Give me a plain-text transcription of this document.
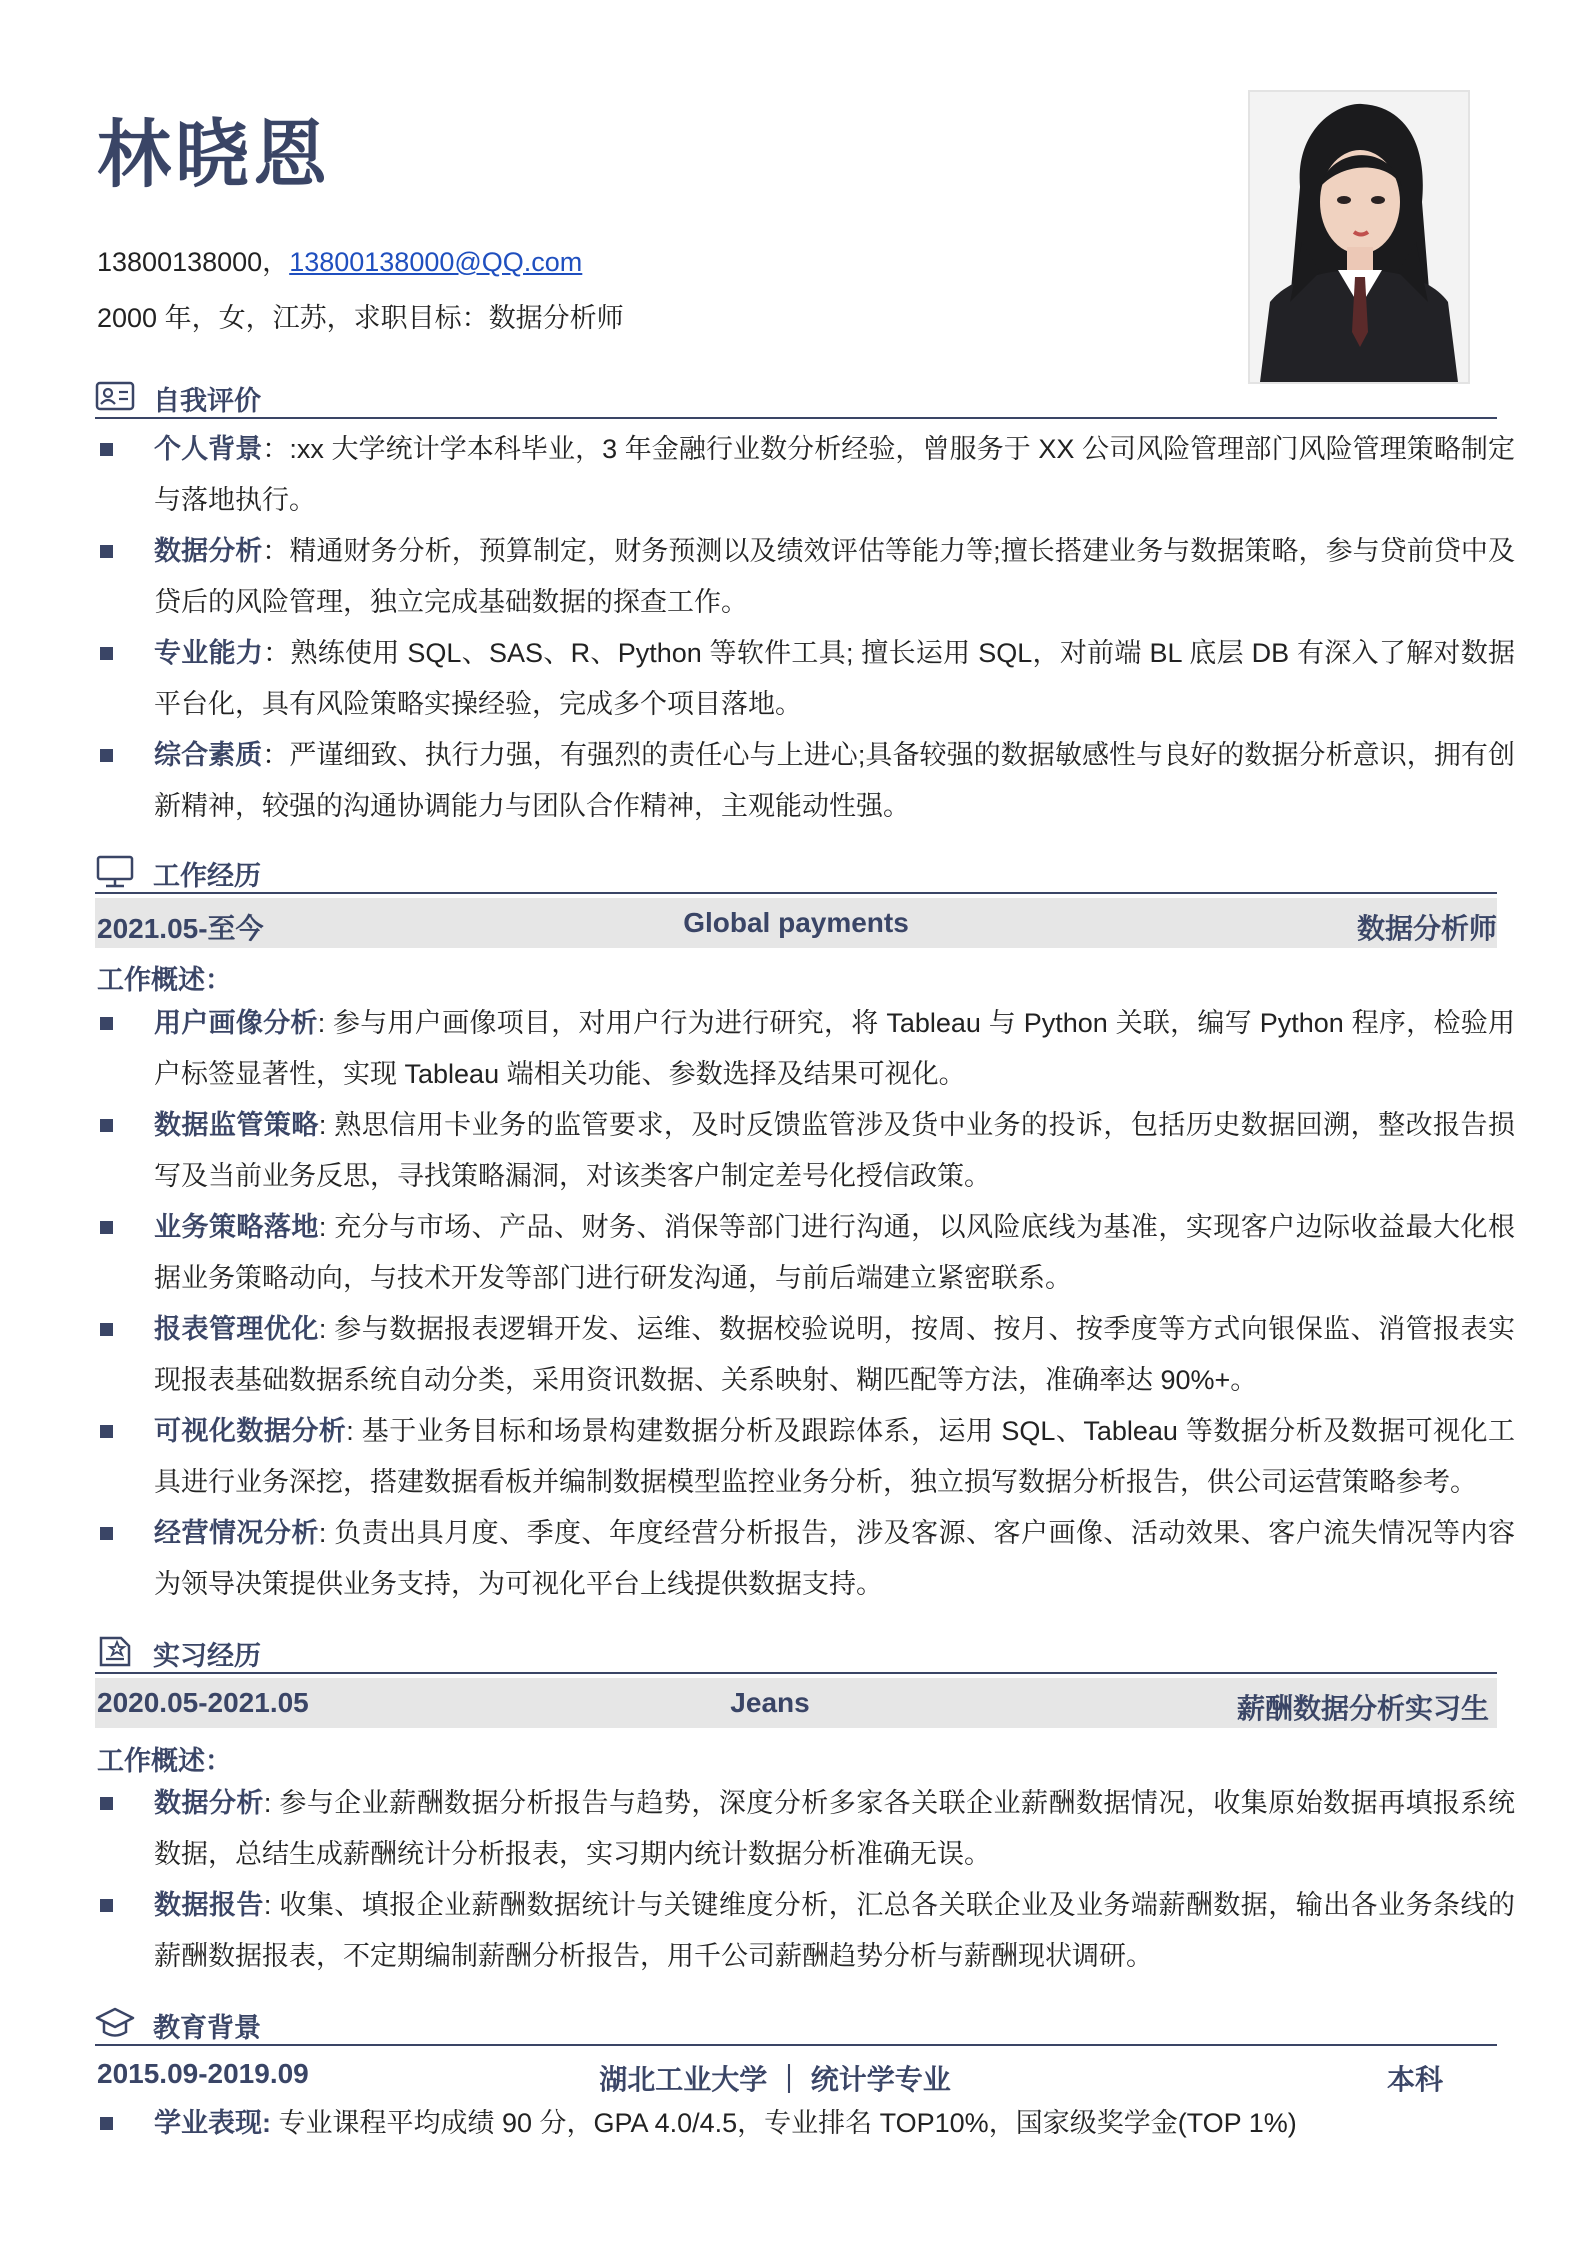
林晓恩
13800138000，13800138000@QQ.com
2000 年，女，江苏，求职目标：数据分析师
自我评价
个人背景：:xx 大学统计学本科毕业，3 年金融行业数分析经验，曾服务于 XX 公司风险管理部门风险管理策略制定与落地执行。
数据分析：精通财务分析，预算制定，财务预测以及绩效评估等能力等;擅长搭建业务与数据策略，参与贷前贷中及贷后的风险管理，独立完成基础数据的探查工作。
专业能力：熟练使用 SQL、SAS、R、Python 等软件工具; 擅长运用 SQL，对前端 BL 底层 DB 有深入了解对数据平台化，具有风险策略实操经验，完成多个项目落地。
综合素质：严谨细致、执行力强，有强烈的责任心与上进心;具备较强的数据敏感性与良好的数据分析意识，拥有创新精神，较强的沟通协调能力与团队合作精神，主观能动性强。
工作经历
2021.05-至今	Global payments	数据分析师
工作概述：
用户画像分析: 参与用户画像项目，对用户行为进行研究，将 Tableau 与 Python 关联，编写 Python 程序，检验用户标签显著性，实现 Tableau 端相关功能、参数选择及结果可视化。
数据监管策略: 熟思信用卡业务的监管要求，及时反馈监管涉及货中业务的投诉，包括历史数据回溯，整改报告损写及当前业务反思，寻找策略漏洞，对该类客户制定差号化授信政策。
业务策略落地: 充分与市场、产品、财务、消保等部门进行沟通，以风险底线为基准，实现客户边际收益最大化根据业务策略动向，与技术开发等部门进行研发沟通，与前后端建立紧密联系。
报表管理优化: 参与数据报表逻辑开发、运维、数据校验说明，按周、按月、按季度等方式向银保监、消管报表实现报表基础数据系统自动分类，采用资讯数据、关系映射、糊匹配等方法，准确率达 90%+。
可视化数据分析: 基于业务目标和场景构建数据分析及跟踪体系，运用 SQL、Tableau 等数据分析及数据可视化工具进行业务深挖，搭建数据看板并编制数据模型监控业务分析，独立损写数据分析报告，供公司运营策略参考。
经营情况分析: 负责出具月度、季度、年度经营分析报告，涉及客源、客户画像、活动效果、客户流失情况等内容为领导决策提供业务支持，为可视化平台上线提供数据支持。
实习经历
2020.05-2021.05	Jeans	薪酬数据分析实习生
工作概述：
数据分析: 参与企业薪酬数据分析报告与趋势，深度分析多家各关联企业薪酬数据情况，收集原始数据再填报系统数据，总结生成薪酬统计分析报表，实习期内统计数据分析准确无误。
数据报告: 收集、填报企业薪酬数据统计与关键维度分析，汇总各关联企业及业务端薪酬数据，输出各业务条线的薪酬数据报表，不定期编制薪酬分析报告，用千公司薪酬趋势分析与薪酬现状调研。
教育背景
2015.09-2019.09	湖北工业大学 ｜ 统计学专业	本科
学业表现: 专业课程平均成绩 90 分，GPA 4.0/4.5，专业排名 TOP10%，国家级奖学金(TOP 1%)
